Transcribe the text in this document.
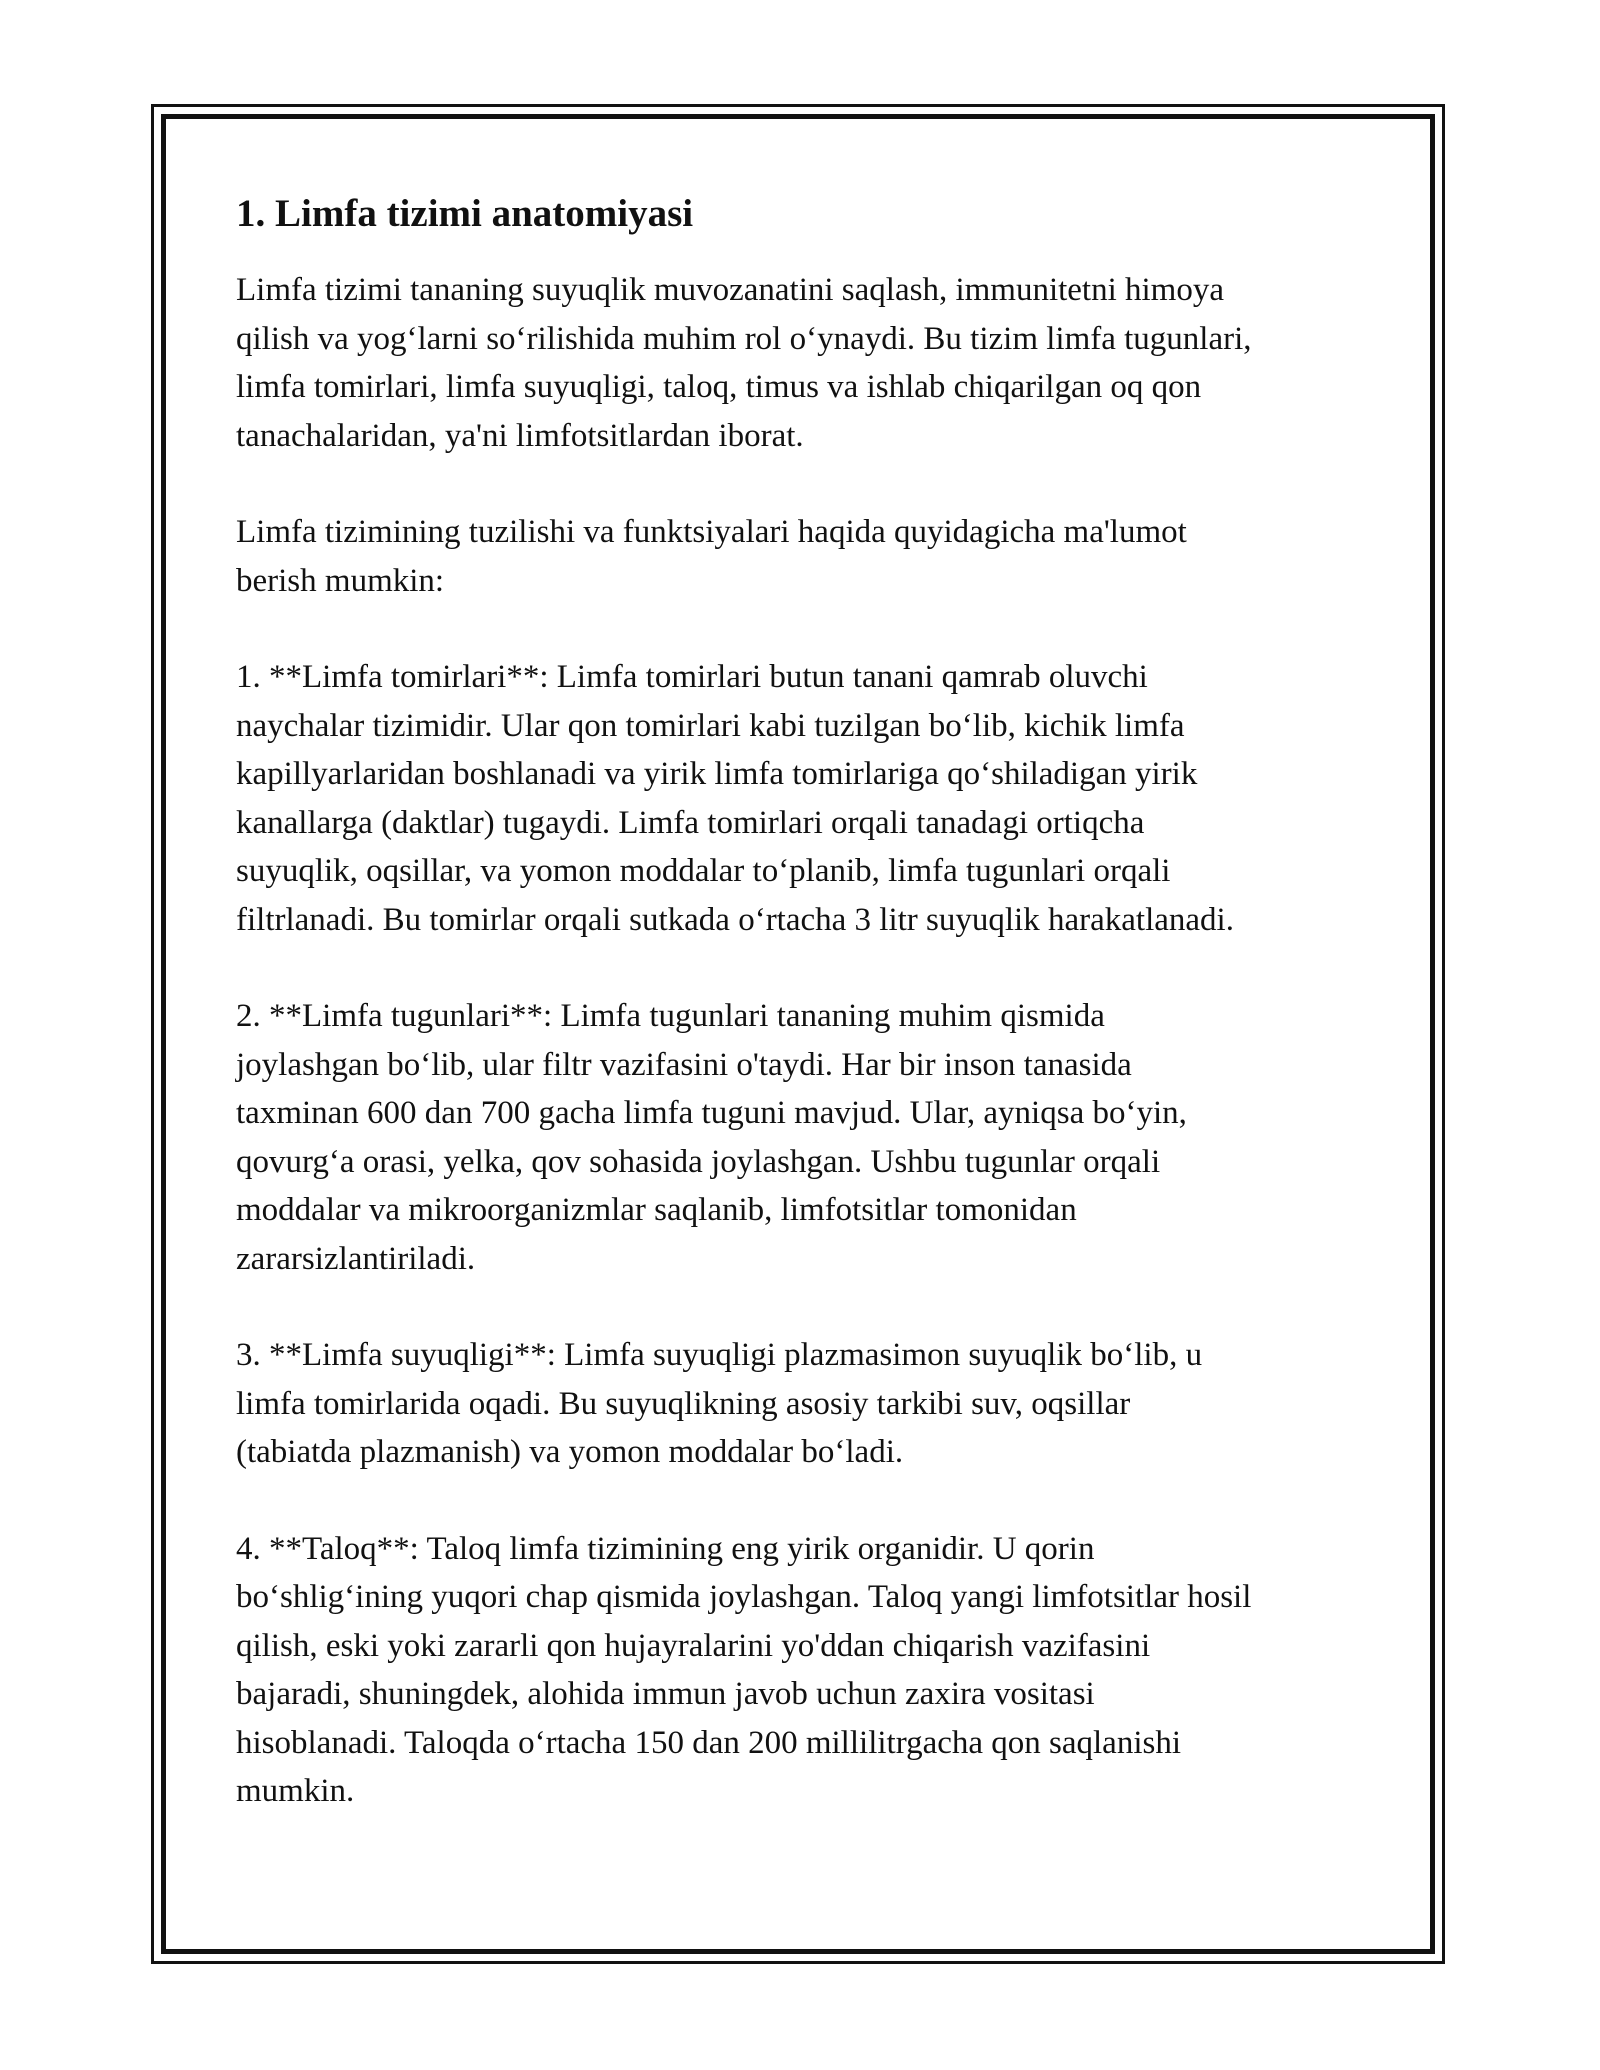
1. Limfa tizimi anatomiyasi

Limfa tizimi tananing suyuqlik muvozanatini saqlash, immunitetni himoya
qilish va yog‘larni so‘rilishida muhim rol o‘ynaydi. Bu tizim limfa tugunlari,
limfa tomirlari, limfa suyuqligi, taloq, timus va ishlab chiqarilgan oq qon
tanachalaridan, ya'ni limfotsitlardan iborat.

Limfa tizimining tuzilishi va funktsiyalari haqida quyidagicha ma'lumot
berish mumkin:

1. **Limfa tomirlari**: Limfa tomirlari butun tanani qamrab oluvchi
naychalar tizimidir. Ular qon tomirlari kabi tuzilgan bo‘lib, kichik limfa
kapillyarlaridan boshlanadi va yirik limfa tomirlariga qo‘shiladigan yirik
kanallarga (daktlar) tugaydi. Limfa tomirlari orqali tanadagi ortiqcha
suyuqlik, oqsillar, va yomon moddalar to‘planib, limfa tugunlari orqali
filtrlanadi. Bu tomirlar orqali sutkada o‘rtacha 3 litr suyuqlik harakatlanadi.

2. **Limfa tugunlari**: Limfa tugunlari tananing muhim qismida
joylashgan bo‘lib, ular filtr vazifasini o'taydi. Har bir inson tanasida
taxminan 600 dan 700 gacha limfa tuguni mavjud. Ular, ayniqsa bo‘yin,
qovurg‘a orasi, yelka, qov sohasida joylashgan. Ushbu tugunlar orqali
moddalar va mikroorganizmlar saqlanib, limfotsitlar tomonidan
zararsizlantiriladi.

3. **Limfa suyuqligi**: Limfa suyuqligi plazmasimon suyuqlik bo‘lib, u
limfa tomirlarida oqadi. Bu suyuqlikning asosiy tarkibi suv, oqsillar
(tabiatda plazmanish) va yomon moddalar bo‘ladi.

4. **Taloq**: Taloq limfa tizimining eng yirik organidir. U qorin
bo‘shlig‘ining yuqori chap qismida joylashgan. Taloq yangi limfotsitlar hosil
qilish, eski yoki zararli qon hujayralarini yo'ddan chiqarish vazifasini
bajaradi, shuningdek, alohida immun javob uchun zaxira vositasi
hisoblanadi. Taloqda o‘rtacha 150 dan 200 millilitrgacha qon saqlanishi
mumkin.
